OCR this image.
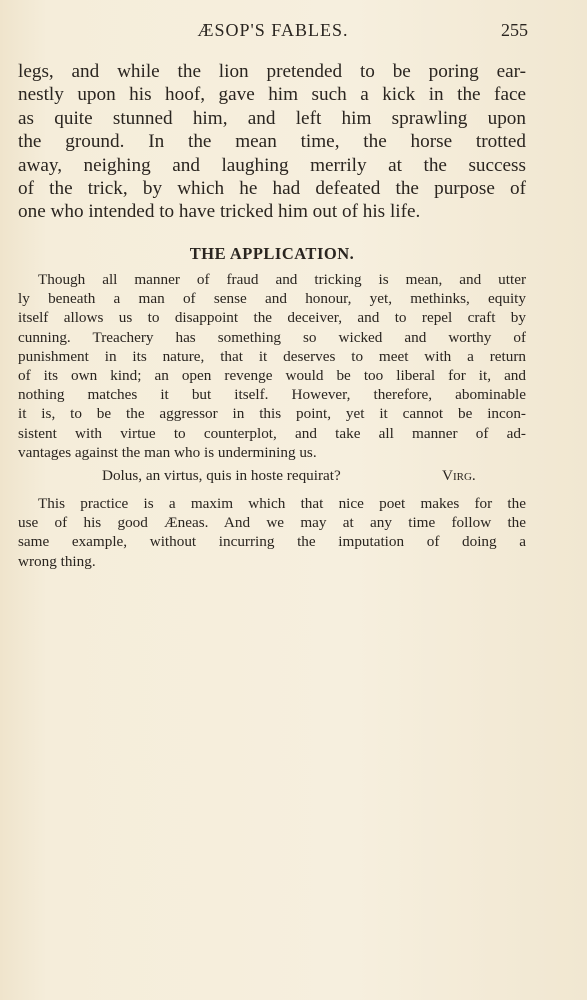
ÆSOP'S FABLES.	255
legs, and while the lion pretended to be poring ear-
nestly upon his hoof, gave him such a kick in the face
as quite stunned him, and left him sprawling upon
the ground. In the mean time, the horse trotted
away, neighing and laughing merrily at the success
of the trick, by which he had defeated the purpose of
one who intended to have tricked him out of his life.
THE APPLICATION.
Though all manner of fraud and tricking is mean, and utter
ly beneath a man of sense and honour, yet, methinks, equity
itself allows us to disappoint the deceiver, and to repel craft by
cunning. Treachery has something so wicked and worthy of
punishment in its nature, that it deserves to meet with a return
of its own kind; an open revenge would be too liberal for it, and
nothing matches it but itself. However, therefore, abominable
it is, to be the aggressor in this point, yet it cannot be incon-
sistent with virtue to counterplot, and take all manner of ad-
vantages against the man who is undermining us.
Dolus, an virtus, quis in hoste requirat?	Virg.
This practice is a maxim which that nice poet makes for the
use of his good Æneas. And we may at any time follow the
same example, without incurring the imputation of doing a
wrong thing.
